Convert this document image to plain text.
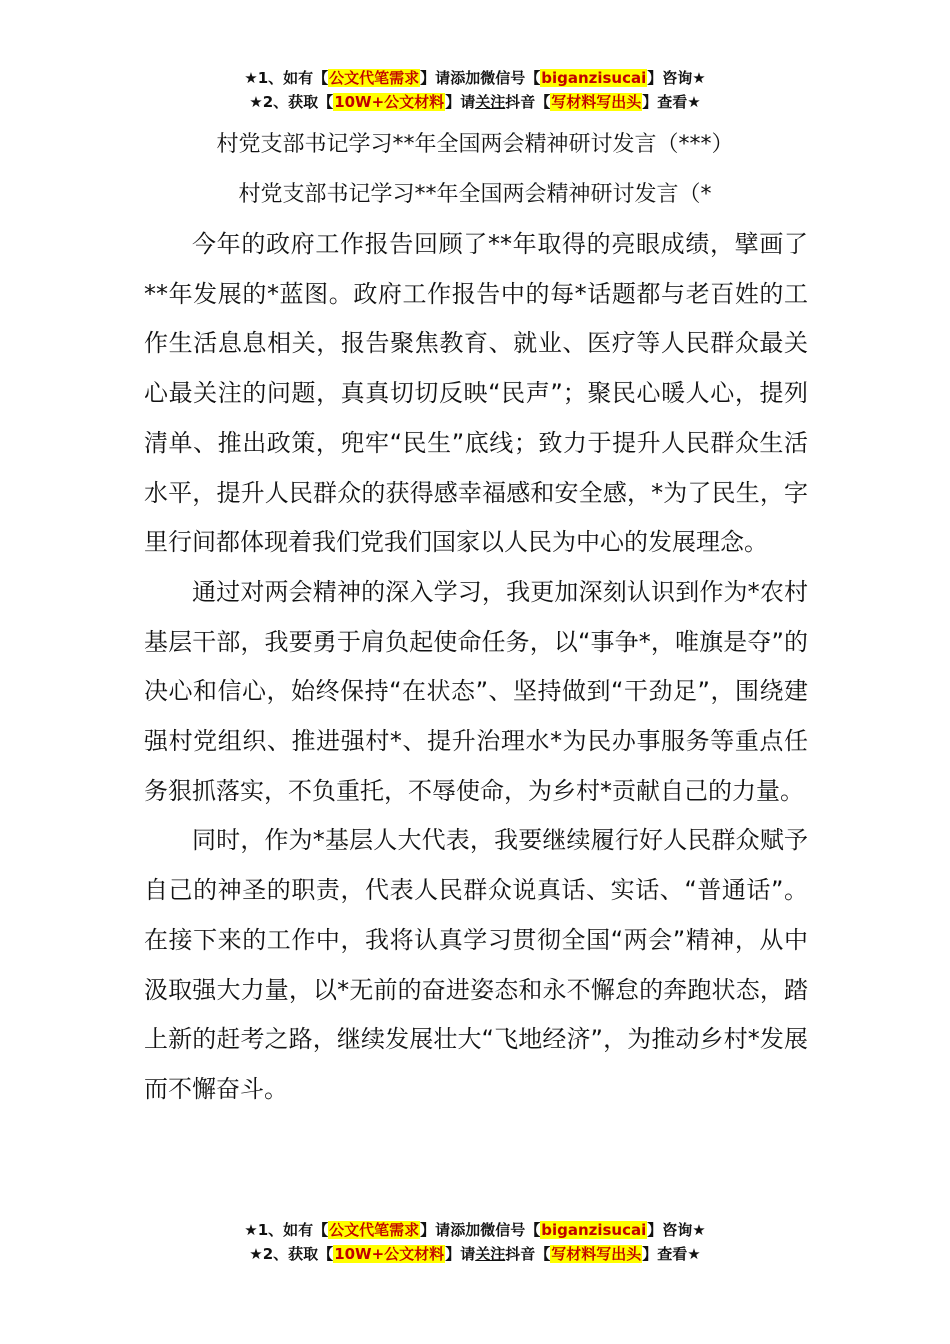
★1、如有【公文代笔需求】请添加微信号【biganzisucai】咨询★
★2、获取【10W+公文材料】请关注抖音【写材料写出头】查看★
村党支部书记学习**年全国两会精神研讨发言（***）
村党支部书记学习**年全国两会精神研讨发言（*

今年的政府工作报告回顾了**年取得的亮眼成绩，擘画了**年发展的*蓝图。政府工作报告中的每*话题都与老百姓的工作生活息息相关，报告聚焦教育、就业、医疗等人民群众最关心最关注的问题，真真切切反映“民声”；聚民心暖人心，提列清单、推出政策，兜牢“民生”底线；致力于提升人民群众生活水平，提升人民群众的获得感幸福感和安全感，*为了民生，字里行间都体现着我们党我们国家以人民为中心的发展理念。

通过对两会精神的深入学习，我更加深刻认识到作为*农村基层干部，我要勇于肩负起使命任务，以“事争*，唯旗是夺”的决心和信心，始终保持“在状态”、坚持做到“干劲足”，围绕建强村党组织、推进强村*、提升治理水*为民办事服务等重点任务狠抓落实，不负重托，不辱使命，为乡村*贡献自己的力量。

同时，作为*基层人大代表，我要继续履行好人民群众赋予自己的神圣的职责，代表人民群众说真话、实话、“普通话”。在接下来的工作中，我将认真学习贯彻全国“两会”精神，从中汲取强大力量，以*无前的奋进姿态和永不懈怠的奔跑状态，踏上新的赶考之路，继续发展壮大“飞地经济”，为推动乡村*发展而不懈奋斗。

★1、如有【公文代笔需求】请添加微信号【biganzisucai】咨询★
★2、获取【10W+公文材料】请关注抖音【写材料写出头】查看★
